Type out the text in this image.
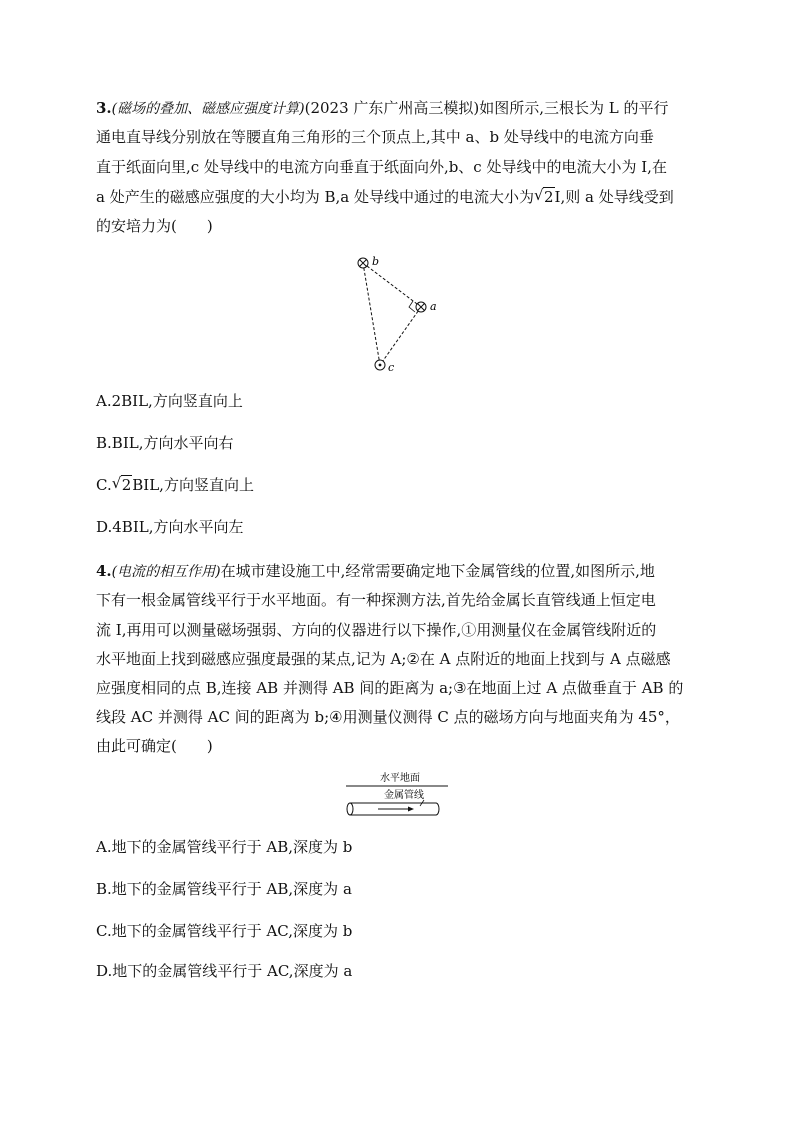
3.(磁场的叠加、磁感应强度计算)(2023 广东广州高三模拟)如图所示,三根长为 L 的平行
通电直导线分别放在等腰直角三角形的三个顶点上,其中 a、b 处导线中的电流方向垂
直于纸面向里,c 处导线中的电流方向垂直于纸面向外,b、c 处导线中的电流大小为 I,在
a 处产生的磁感应强度的大小均为 B,a 处导线中通过的电流大小为 √ 2I,则 a 处导线受到
的安培力为(　　)
b
a
c
A.2BIL,方向竖直向上
B.BIL,方向水平向右
C. √ 2BIL,方向竖直向上
D.4BIL,方向水平向左
4.(电流的相互作用)在城市建设施工中,经常需要确定地下金属管线的位置,如图所示,地
下有一根金属管线平行于水平地面。有一种探测方法,首先给金属长直管线通上恒定电
流 I,再用可以测量磁场强弱、方向的仪器进行以下操作,①用测量仪在金属管线附近的
水平地面上找到磁感应强度最强的某点,记为 A;②在 A 点附近的地面上找到与 A 点磁感
应强度相同的点 B,连接 AB 并测得 AB 间的距离为 a;③在地面上过 A 点做垂直于 AB 的
线段 AC 并测得 AC 间的距离为 b;④用测量仪测得 C 点的磁场方向与地面夹角为 45°，
由此可确定(　　)
水平地面
金属管线
A.地下的金属管线平行于 AB,深度为 b
B.地下的金属管线平行于 AB,深度为 a
C.地下的金属管线平行于 AC,深度为 b
D.地下的金属管线平行于 AC,深度为 a
